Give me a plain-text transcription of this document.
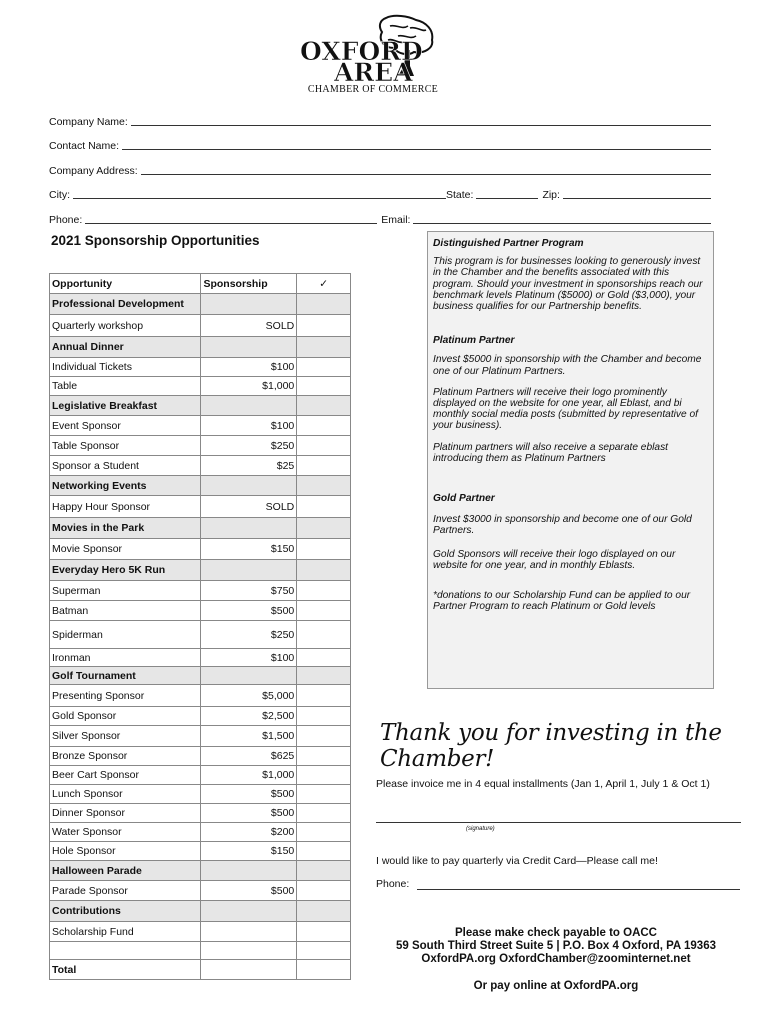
OXFORD
AREA
CHAMBER OF COMMERCE
Company Name:
Contact Name:
Company Address:
City:	State:	Zip:
Phone:	Email:
2021 Sponsorship Opportunities
Opportunity	Sponsorship	✓
Professional Development		
Quarterly workshop	SOLD	
Annual Dinner		
Individual Tickets	$100	
Table	$1,000	
Legislative Breakfast		
Event Sponsor	$100	
Table Sponsor	$250	
Sponsor a Student	$25	
Networking Events		
Happy Hour Sponsor	SOLD	
Movies in the Park		
Movie Sponsor	$150	
Everyday Hero 5K Run		
Superman	$750	
Batman	$500	
Spiderman	$250	
Ironman	$100	
Golf Tournament		
Presenting Sponsor	$5,000	
Gold Sponsor	$2,500	
Silver Sponsor	$1,500	
Bronze Sponsor	$625	
Beer Cart Sponsor	$1,000	
Lunch Sponsor	$500	
Dinner Sponsor	$500	
Water Sponsor	$200	
Hole Sponsor	$150	
Halloween Parade		
Parade Sponsor	$500	
Contributions		
Scholarship Fund		

Total		

Distinguished Partner Program

This program is for businesses looking to generously invest in the Chamber and the benefits associated with this program. Should your investment in sponsorships reach our benchmark levels Platinum ($5000) or Gold ($3,000), your business qualifies for our Partnership benefits.

Platinum Partner

Invest $5000 in sponsorship with the Chamber and become one of our Platinum Partners.

Platinum Partners will receive their logo prominently displayed on the website for one year, all Eblast, and bi monthly social media posts (submitted by representative of your business).

Platinum partners will also receive a separate eblast introducing them as Platinum Partners

Gold Partner

Invest $3000 in sponsorship and become one of our Gold Partners.

Gold Sponsors will receive their logo displayed on our website for one year, and in monthly Eblasts.

*donations to our Scholarship Fund can be applied to our Partner Program to reach Platinum or Gold levels

Thank you for investing in the Chamber!
Please invoice me in 4 equal installments (Jan 1, April 1, July 1 & Oct 1)
(signature)
I would like to pay quarterly via Credit Card—Please call me!
Phone:
Please make check payable to OACC
59 South Third Street Suite 5 | P.O. Box 4 Oxford, PA 19363
OxfordPA.org OxfordChamber@zoominternet.net
Or pay online at OxfordPA.org
